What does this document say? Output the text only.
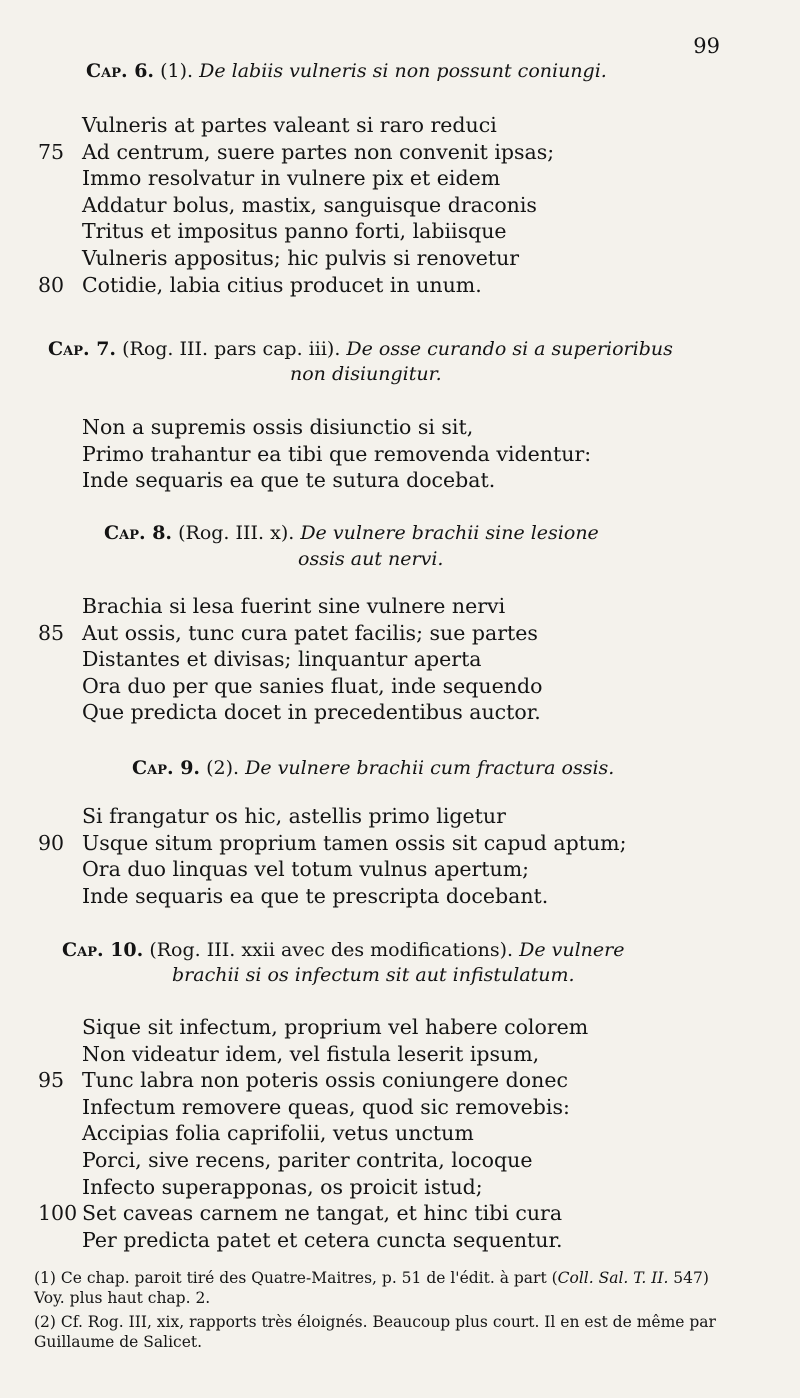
99
Cap. 6. (1). De labiis vulneris si non possunt coniungi.
Vulneris at partes valeant si raro reduci
75 Ad centrum, suere partes non convenit ipsas;
Immo resolvatur in vulnere pix et eidem
Addatur bolus, mastix, sanguisque draconis
Tritus et impositus panno forti, labiisque
Vulneris appositus; hic pulvis si renovetur
80 Cotidie, labia citius producet in unum.
Cap. 7. (Rog. III. pars cap. iii). De osse curando si a superioribus
non disiungitur.
Non a supremis ossis disiunctio si sit,
Primo trahantur ea tibi que removenda videntur:
Inde sequaris ea que te sutura docebat.
Cap. 8. (Rog. III. x). De vulnere brachii sine lesione
ossis aut nervi.
Brachia si lesa fuerint sine vulnere nervi
85 Aut ossis, tunc cura patet facilis; sue partes
Distantes et divisas; linquantur aperta
Ora duo per que sanies fluat, inde sequendo
Que predicta docet in precedentibus auctor.
Cap. 9. (2). De vulnere brachii cum fractura ossis.
Si frangatur os hic, astellis primo ligetur
90 Usque situm proprium tamen ossis sit capud aptum;
Ora duo linquas vel totum vulnus apertum;
Inde sequaris ea que te prescripta docebant.
Cap. 10. (Rog. III. xxii avec des modifications). De vulnere
brachii si os infectum sit aut infistulatum.
Sique sit infectum, proprium vel habere colorem
Non videatur idem, vel fistula leserit ipsum,
95 Tunc labra non poteris ossis coniungere donec
Infectum removere queas, quod sic removebis:
Accipias folia caprifolii, vetus unctum
Porci, sive recens, pariter contrita, locoque
Infecto superapponas, os proicit istud;
100 Set caveas carnem ne tangat, et hinc tibi cura
Per predicta patet et cetera cuncta sequentur.
(1) Ce chap. paroit tiré des Quatre-Maitres, p. 51 de l'édit. à part (Coll. Sal. T. II. 547) Voy. plus haut chap. 2.
(2) Cf. Rog. III, xix, rapports très éloignés. Beaucoup plus court. Il en est de même par Guillaume de Salicet.
